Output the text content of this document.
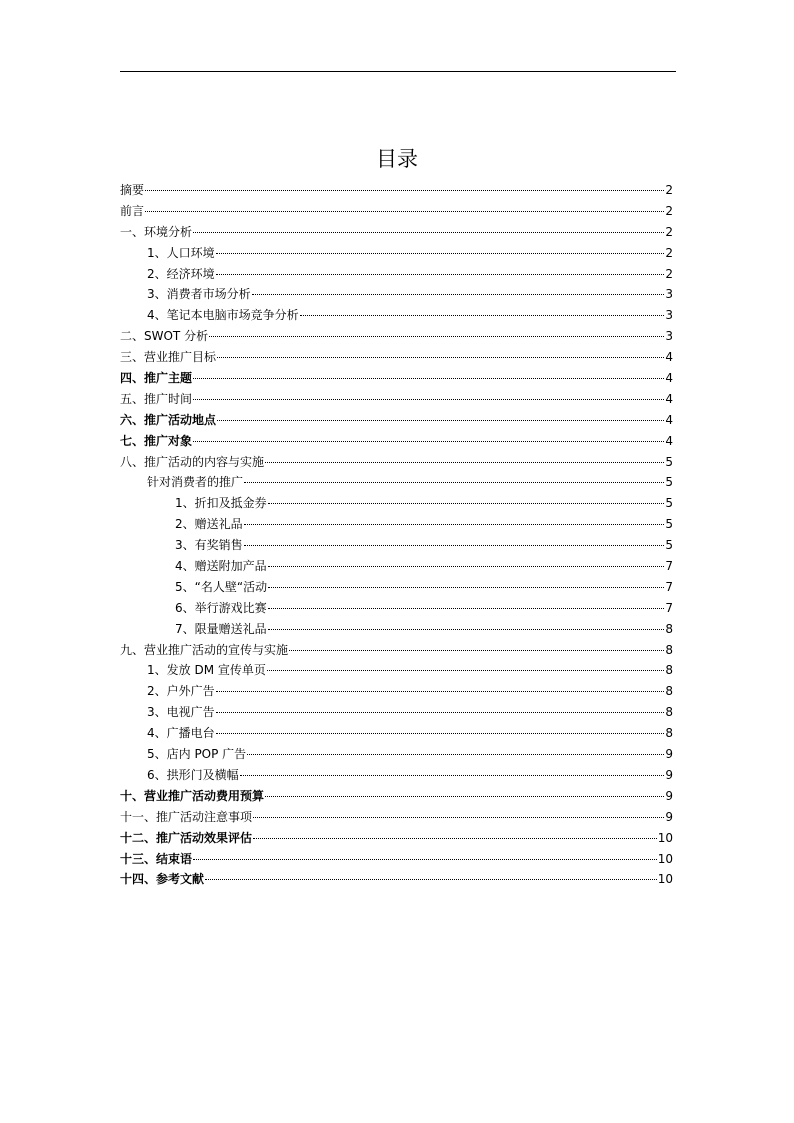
目录
摘要	2
前言	2
一、环境分析	2
1、人口环境	2
2、经济环境	2
3、消费者市场分析	3
4、笔记本电脑市场竞争分析	3
二、SWOT 分析	3
三、营业推广目标	4
四、推广主题	4
五、推广时间	4
六、推广活动地点	4
七、推广对象	4
八、推广活动的内容与实施	5
针对消费者的推广	5
1、折扣及抵金券	5
2、赠送礼品	5
3、有奖销售	5
4、赠送附加产品	7
5、“名人壁“活动	7
6、举行游戏比赛	7
7、限量赠送礼品	8
九、营业推广活动的宣传与实施	8
1、发放 DM 宣传单页	8
2、户外广告	8
3、电视广告	8
4、广播电台	8
5、店内 POP 广告	9
6、拱形门及横幅	9
十、营业推广活动费用预算	9
十一、推广活动注意事项	9
十二、推广活动效果评估	10
十三、结束语	10
十四、参考文献	10
